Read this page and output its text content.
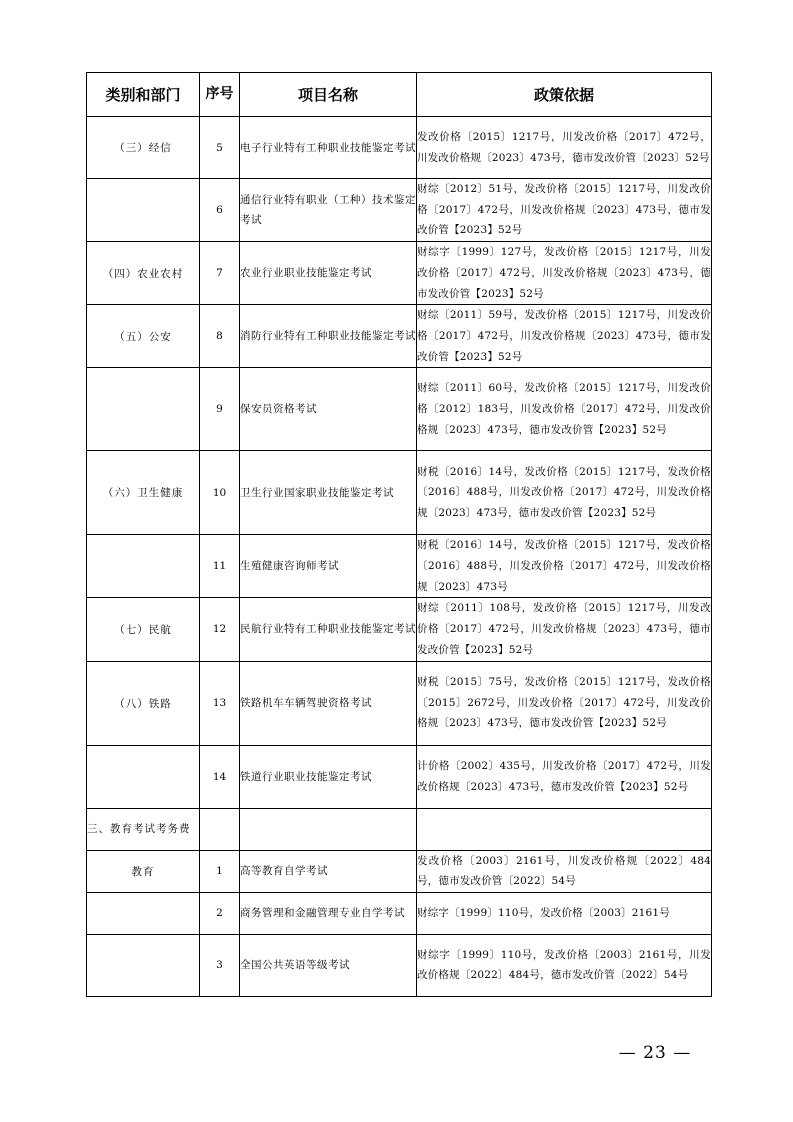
类别和部门	序号	项目名称	政策依据
（三）经信	5	电子行业特有工种职业技能鉴定考试	发改价格〔2015〕1217号，川发改价格〔2017〕472号，川发改价格规〔2023〕473号，德市发改价管〔2023〕52号
	6	通信行业特有职业（工种）技术鉴定考试	财综〔2012〕51号，发改价格〔2015〕1217号，川发改价格〔2017〕472号，川发改价格规〔2023〕473号，德市发改价管【2023】52号
（四）农业农村	7	农业行业职业技能鉴定考试	财综字〔1999〕127号，发改价格〔2015〕1217号，川发改价格〔2017〕472号，川发改价格规〔2023〕473号，德市发改价管【2023】52号
（五）公安	8	消防行业特有工种职业技能鉴定考试	财综〔2011〕59号，发改价格〔2015〕1217号，川发改价格〔2017〕472号，川发改价格规〔2023〕473号，德市发改价管【2023】52号
	9	保安员资格考试	财综〔2011〕60号，发改价格〔2015〕1217号，川发改价格〔2012〕183号，川发改价格〔2017〕472号，川发改价格规〔2023〕473号，德市发改价管【2023】52号
（六）卫生健康	10	卫生行业国家职业技能鉴定考试	财税〔2016〕14号，发改价格〔2015〕1217号，发改价格〔2016〕488号，川发改价格〔2017〕472号，川发改价格规〔2023〕473号，德市发改价管【2023】52号
	11	生殖健康咨询师考试	财税〔2016〕14号，发改价格〔2015〕1217号，发改价格〔2016〕488号，川发改价格〔2017〕472号，川发改价格规〔2023〕473号
（七）民航	12	民航行业特有工种职业技能鉴定考试	财综〔2011〕108号，发改价格〔2015〕1217号，川发改价格〔2017〕472号，川发改价格规〔2023〕473号，德市发改价管【2023】52号
（八）铁路	13	铁路机车车辆驾驶资格考试	财税〔2015〕75号，发改价格〔2015〕1217号，发改价格〔2015〕2672号，川发改价格〔2017〕472号，川发改价格规〔2023〕473号，德市发改价管【2023】52号
	14	铁道行业职业技能鉴定考试	计价格〔2002〕435号，川发改价格〔2017〕472号，川发改价格规〔2023〕473号，德市发改价管【2023】52号
三、教育考试考务费			
教育	1	高等教育自学考试	发改价格〔2003〕2161号，川发改价格规〔2022〕484号，德市发改价管〔2022〕54号
	2	商务管理和金融管理专业自学考试	财综字〔1999〕110号，发改价格〔2003〕2161号
	3	全国公共英语等级考试	财综字〔1999〕110号，发改价格〔2003〕2161号，川发改价格规〔2022〕484号，德市发改价管〔2022〕54号
— 23 —
